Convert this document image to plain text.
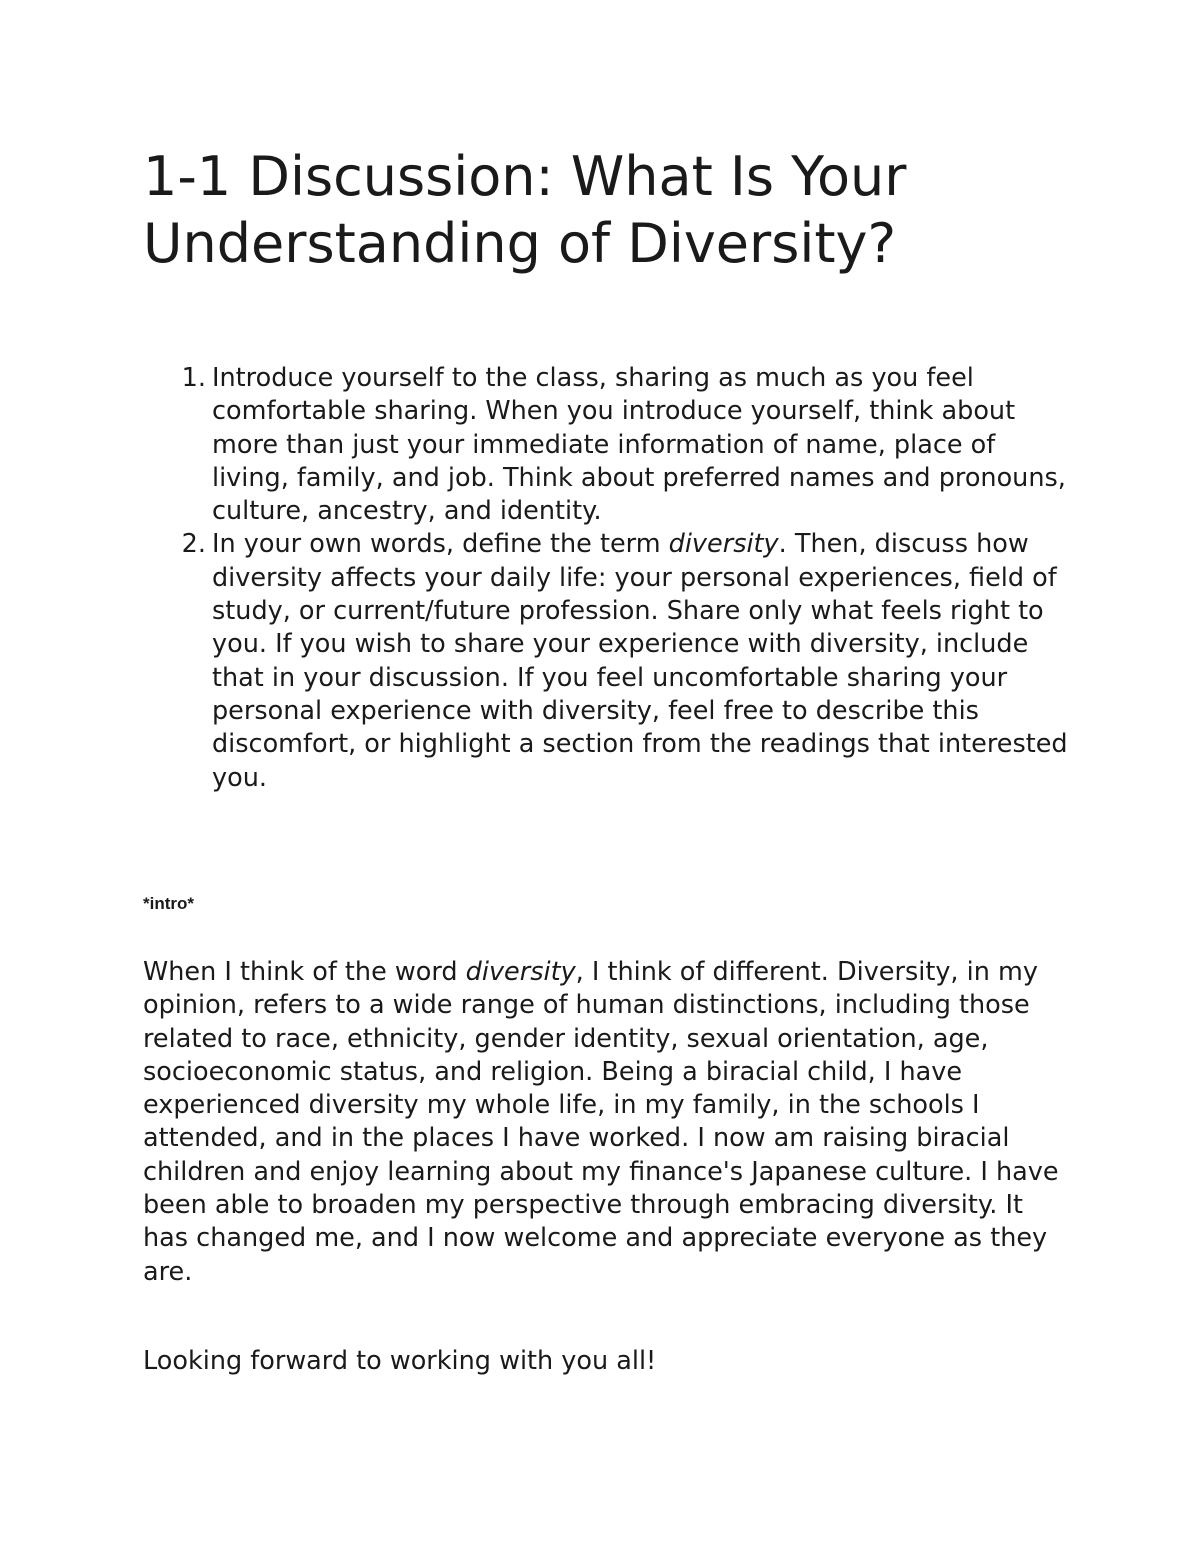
1-1 Discussion: What Is Your Understanding of Diversity?
1. Introduce yourself to the class, sharing as much as you feel comfortable sharing. When you introduce yourself, think about more than just your immediate information of name, place of living, family, and job. Think about preferred names and pronouns, culture, ancestry, and identity.
2. In your own words, define the term diversity. Then, discuss how diversity affects your daily life: your personal experiences, field of study, or current/future profession. Share only what feels right to you. If you wish to share your experience with diversity, include that in your discussion. If you feel uncomfortable sharing your personal experience with diversity, feel free to describe this discomfort, or highlight a section from the readings that interested you.

*intro*

When I think of the word diversity, I think of different. Diversity, in my opinion, refers to a wide range of human distinctions, including those related to race, ethnicity, gender identity, sexual orientation, age, socioeconomic status, and religion. Being a biracial child, I have experienced diversity my whole life, in my family, in the schools I attended, and in the places I have worked. I now am raising biracial children and enjoy learning about my finance's Japanese culture. I have been able to broaden my perspective through embracing diversity. It has changed me, and I now welcome and appreciate everyone as they are.

Looking forward to working with you all!
